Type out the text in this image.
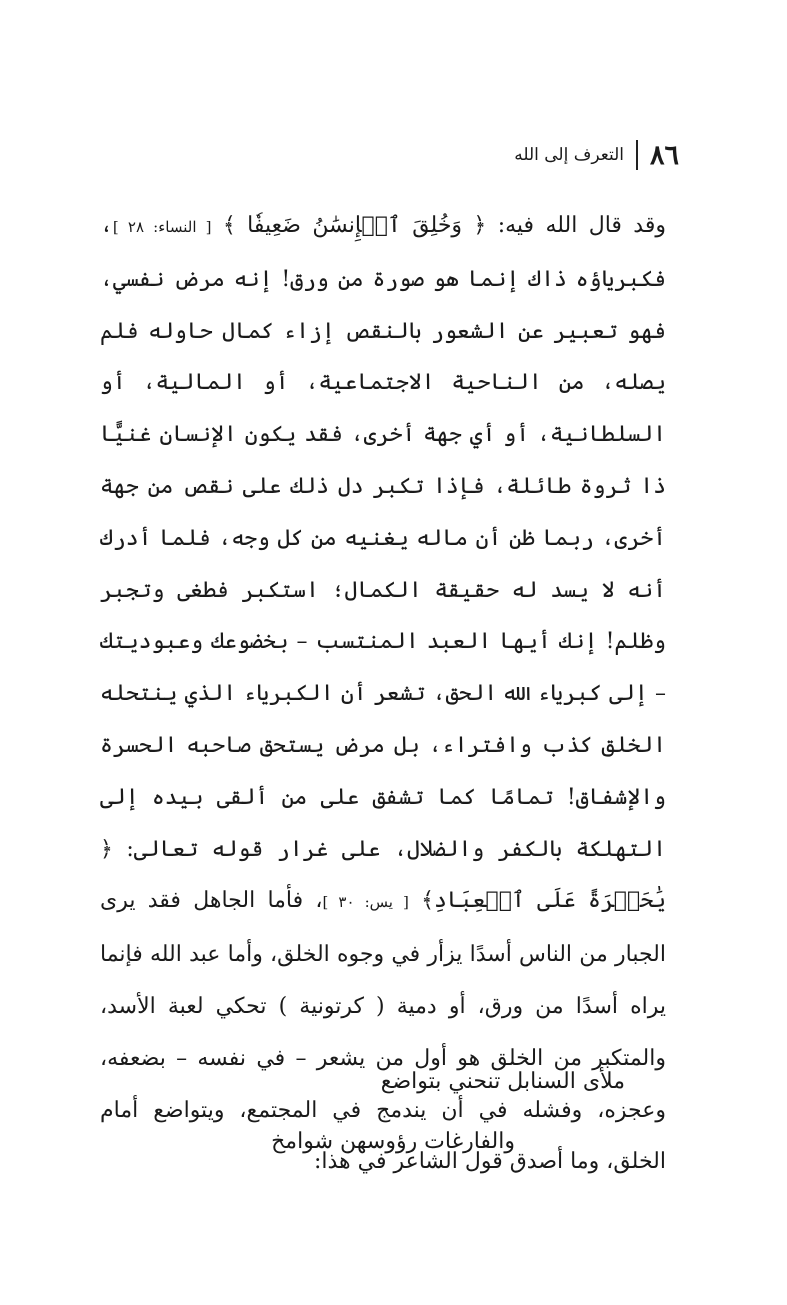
٨٦
التعرف إلى الله

وقد قال الله فيه: ﴿ وَخُلِقَ ٱلۡإِنسَٰنُ ضَعِيفٗا ﴾ [ النساء: ٢٨ ]، فكبرياؤه ذاك إنما هو صورة من ورق! إنه مرض نفسي، فهو تعبير عن الشعور بالنقص إزاء كمال حاوله فلم يصله، من الناحية الاجتماعية، أو المالية، أو السلطانية، أو أي جهة أخرى، فقد يكون الإنسان غنيًّا ذا ثروة طائلة، فإذا تكبر دل ذلك على نقص من جهة أخرى، ربما ظن أن ماله يغنيه من كل وجه، فلما أدرك أنه لا يسد له حقيقة الكمال؛ استكبر فطغى وتجبر وظلم! إنك أيها العبد المنتسب – بخضوعك وعبوديتك – إلى كبرياء الله الحق، تشعر أن الكبرياء الذي ينتحله الخلق كذب وافتراء، بل مرض يستحق صاحبه الحسرة والإشفاق! تمامًا كما تشفق على من ألقى بيده إلى التهلكة بالكفر والضلال، على غرار قوله تعالى: ﴿ يَٰحَسۡرَةً عَلَى ٱلۡعِبَادِ﴾ [ يس: ٣٠ ]، فأما الجاهل فقد يرى الجبار من الناس أسدًا يزأر في وجوه الخلق، وأما عبد الله فإنما يراه أسدًا من ورق، أو دمية ( كرتونية ) تحكي لعبة الأسد، والمتكبر من الخلق هو أول من يشعر – في نفسه – بضعفه، وعجزه، وفشله في أن يندمج في المجتمع، ويتواضع أمام الخلق، وما أصدق قول الشاعر في هذا:

ملأى السنابل تنحني بتواضع
والفارغات رؤوسهن شوامخ
